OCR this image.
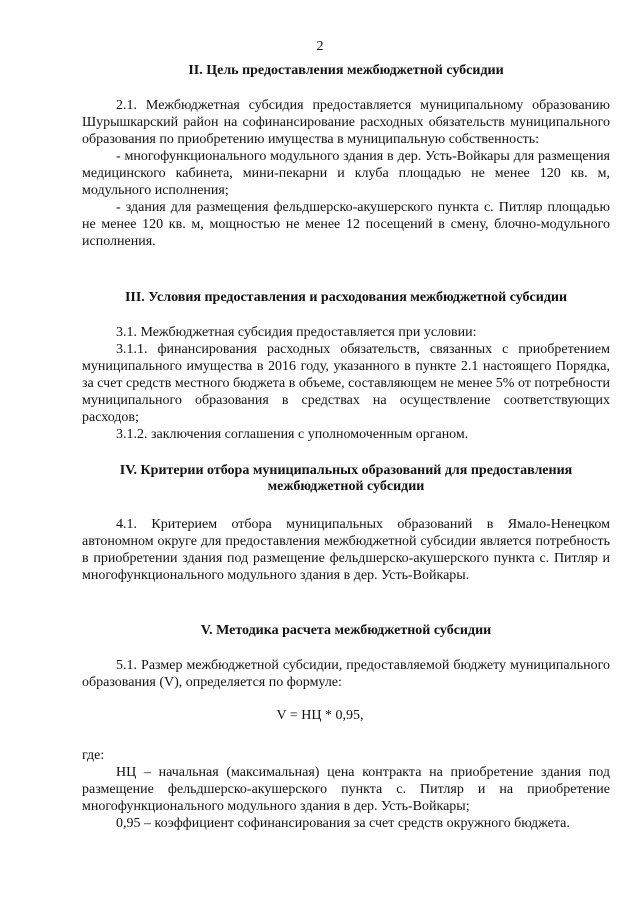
2
II. Цель предоставления межбюджетной субсидии

2.1. Межбюджетная субсидия предоставляется муниципальному образованию Шурышкарский район на софинансирование расходных обязательств муниципального образования по приобретению имущества в муниципальную собственность:

- многофункционального модульного здания в дер. Усть-Войкары для размещения медицинского кабинета, мини-пекарни и клуба площадью не менее 120 кв. м, модульного исполнения;

- здания для размещения фельдшерско-акушерского пункта с. Питляр площадью не менее 120 кв. м, мощностью не менее 12 посещений в смену, блочно-модульного исполнения.

III. Условия предоставления и расходования межбюджетной субсидии

3.1. Межбюджетная субсидия предоставляется при условии:

3.1.1. финансирования расходных обязательств, связанных с приобретением муниципального имущества в 2016 году, указанного в пункте 2.1 настоящего Порядка, за счет средств местного бюджета в объеме, составляющем не менее 5% от потребности муниципального образования в средствах на осуществление соответствующих расходов;

3.1.2. заключения соглашения с уполномоченным органом.

IV. Критерии отбора муниципальных образований для предоставления
межбюджетной субсидии

4.1. Критерием отбора муниципальных образований в Ямало-Ненецком автономном округе для предоставления межбюджетной субсидии является потребность в приобретении здания под размещение фельдшерско-акушерского пункта с. Питляр и многофункционального модульного здания в дер. Усть-Войкары.

V. Методика расчета межбюджетной субсидии

5.1. Размер межбюджетной субсидии, предоставляемой бюджету муниципального образования (V), определяется по формуле:

V = НЦ * 0,95,

где:

НЦ – начальная (максимальная) цена контракта на приобретение здания под размещение фельдшерско-акушерского пункта с. Питляр и на приобретение многофункционального модульного здания в дер. Усть-Войкары;

0,95 – коэффициент софинансирования за счет средств окружного бюджета.
